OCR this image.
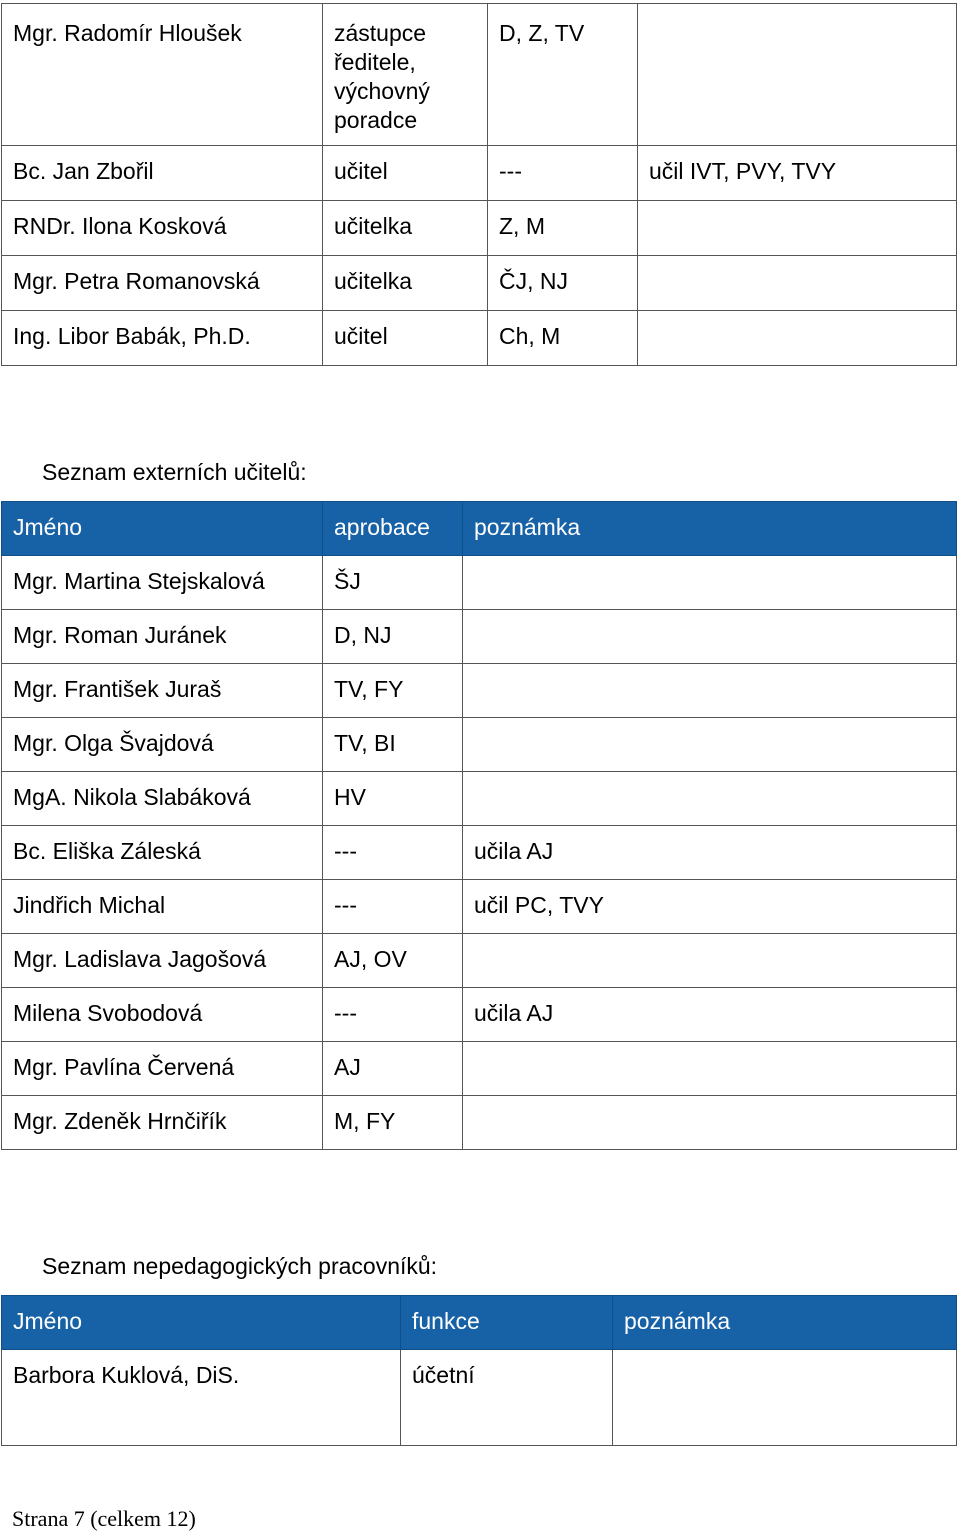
Mgr. Radomír Hloušek	zástupce
ředitele,
výchovný
poradce	D, Z, TV	
Bc. Jan Zbořil	učitel	---	učil IVT, PVY, TVY
RNDr. Ilona Kosková	učitelka	Z, M	
Mgr. Petra Romanovská	učitelka	ČJ, NJ	
Ing. Libor Babák, Ph.D.	učitel	Ch, M	
Seznam externích učitelů:
Jméno	aprobace	poznámka
Mgr. Martina Stejskalová	ŠJ	
Mgr. Roman Juránek	D, NJ	
Mgr. František Juraš	TV, FY	
Mgr. Olga Švajdová	TV, BI	
MgA. Nikola Slabáková	HV	
Bc. Eliška Záleská	---	učila AJ
Jindřich Michal	---	učil PC, TVY
Mgr. Ladislava Jagošová	AJ, OV	
Milena Svobodová	---	učila AJ
Mgr. Pavlína Červená	AJ	
Mgr. Zdeněk Hrnčiřík	M, FY	
Seznam nepedagogických pracovníků:
Jméno	funkce	poznámka
Barbora Kuklová, DiS.	účetní	
Strana 7 (celkem 12)
